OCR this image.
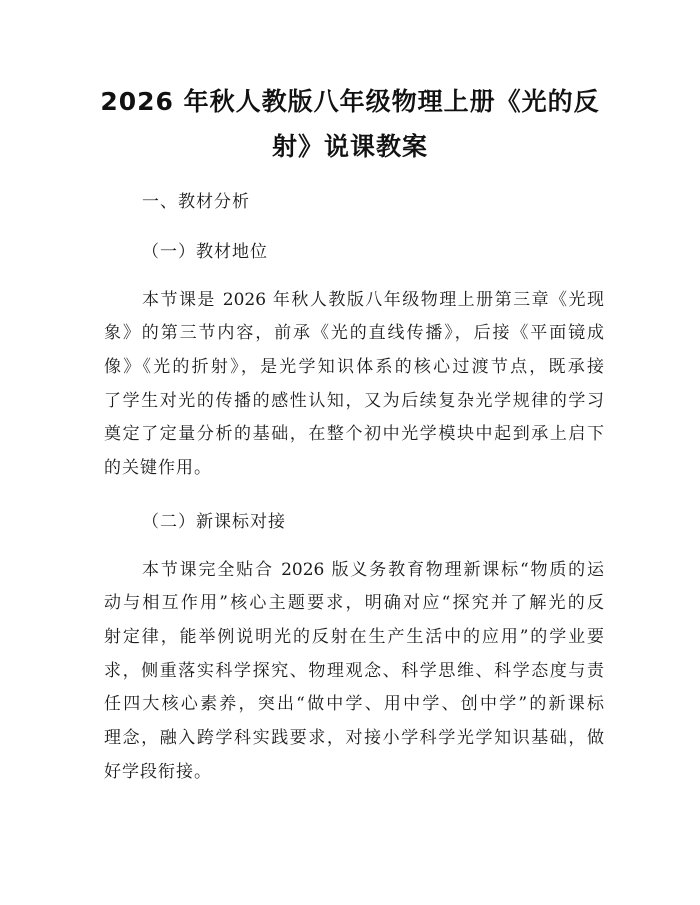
2026 年秋人教版八年级物理上册《光的反
射》说课教案
一、教材分析
（一）教材地位
本节课是 2026 年秋人教版八年级物理上册第三章《光现
象》的第三节内容，前承《光的直线传播》，后接《平面镜成
像》《光的折射》，是光学知识体系的核心过渡节点，既承接
了学生对光的传播的感性认知，又为后续复杂光学规律的学习
奠定了定量分析的基础，在整个初中光学模块中起到承上启下
的关键作用。
（二）新课标对接
本节课完全贴合 2026 版义务教育物理新课标“物质的运
动与相互作用”核心主题要求，明确对应“探究并了解光的反
射定律，能举例说明光的反射在生产生活中的应用”的学业要
求，侧重落实科学探究、物理观念、科学思维、科学态度与责
任四大核心素养，突出“做中学、用中学、创中学”的新课标
理念，融入跨学科实践要求，对接小学科学光学知识基础，做
好学段衔接。
